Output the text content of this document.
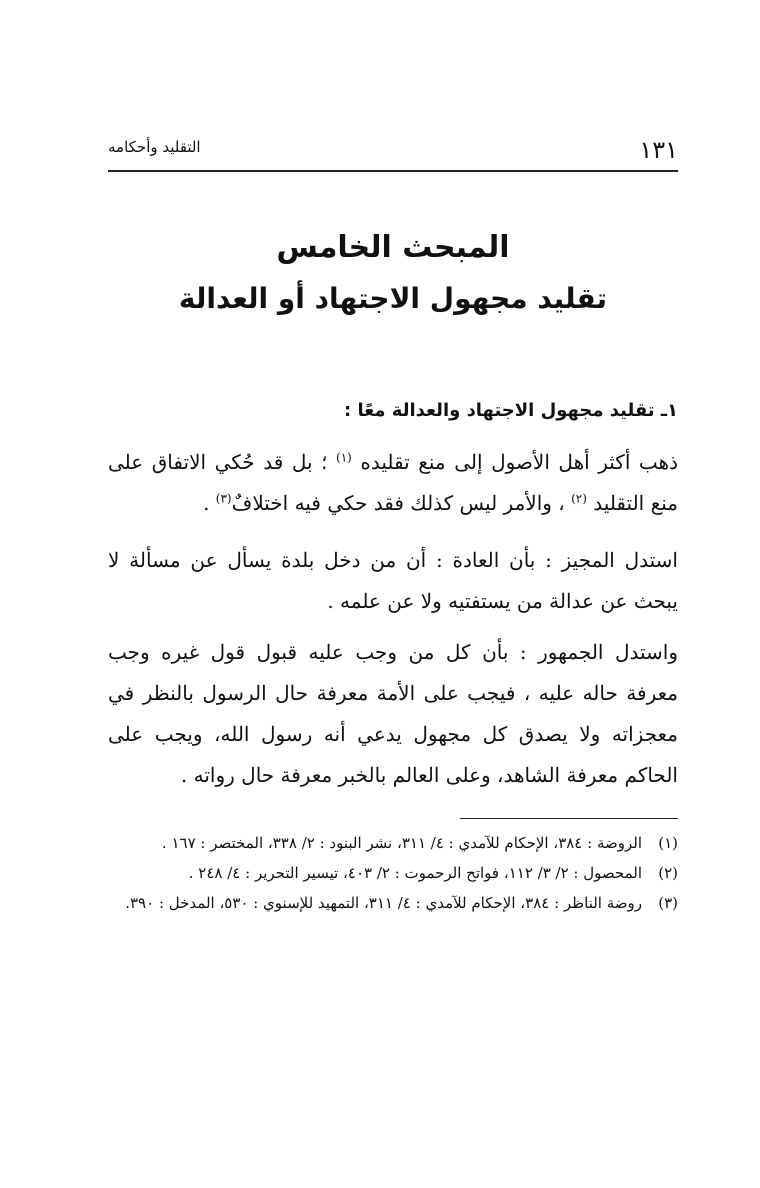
١٣١
التقليد وأحكامه
المبحث الخامس
تقليد مجهول الاجتهاد أو العدالة
١ـ تقليد مجهول الاجتهاد والعدالة معًا :
ذهب أكثر أهل الأصول إلى منع تقليده $^{(١)}$ ؛ بل قد حُكي الاتفاق على منع التقليد $^{(٢)}$ ، والأمر ليس كذلك فقد حكي فيه اختلافٌ$^{(٣)}$ .
استدل المجيز : بأن العادة : أن من دخل بلدة يسأل عن مسألة لا يبحث عن عدالة من يستفتيه ولا عن علمه .
واستدل الجمهور : بأن كل من وجب عليه قبول قول غيره وجب معرفة حاله عليه ، فيجب على الأمة معرفة حال الرسول بالنظر في معجزاته ولا يصدق كل مجهول يدعي أنه رسول الله، ويجب على الحاكم معرفة الشاهد، وعلى العالم بالخبر معرفة حال رواته .
(١)
الروضة : ٣٨٤، الإحكام للآمدي : ٤/ ٣١١، نشر البنود : ٢/ ٣٣٨، المختصر : ١٦٧ .
(٢)
المحصول : ٢/ ٣/ ١١٢، فواتح الرحموت : ٢/ ٤٠٣، تيسير التحرير : ٤/ ٢٤٨ .
(٣)
روضة الناظر : ٣٨٤، الإحكام للآمدي : ٤/ ٣١١، التمهيد للإسنوي : ٥٣٠، المدخل : ٣٩٠.
